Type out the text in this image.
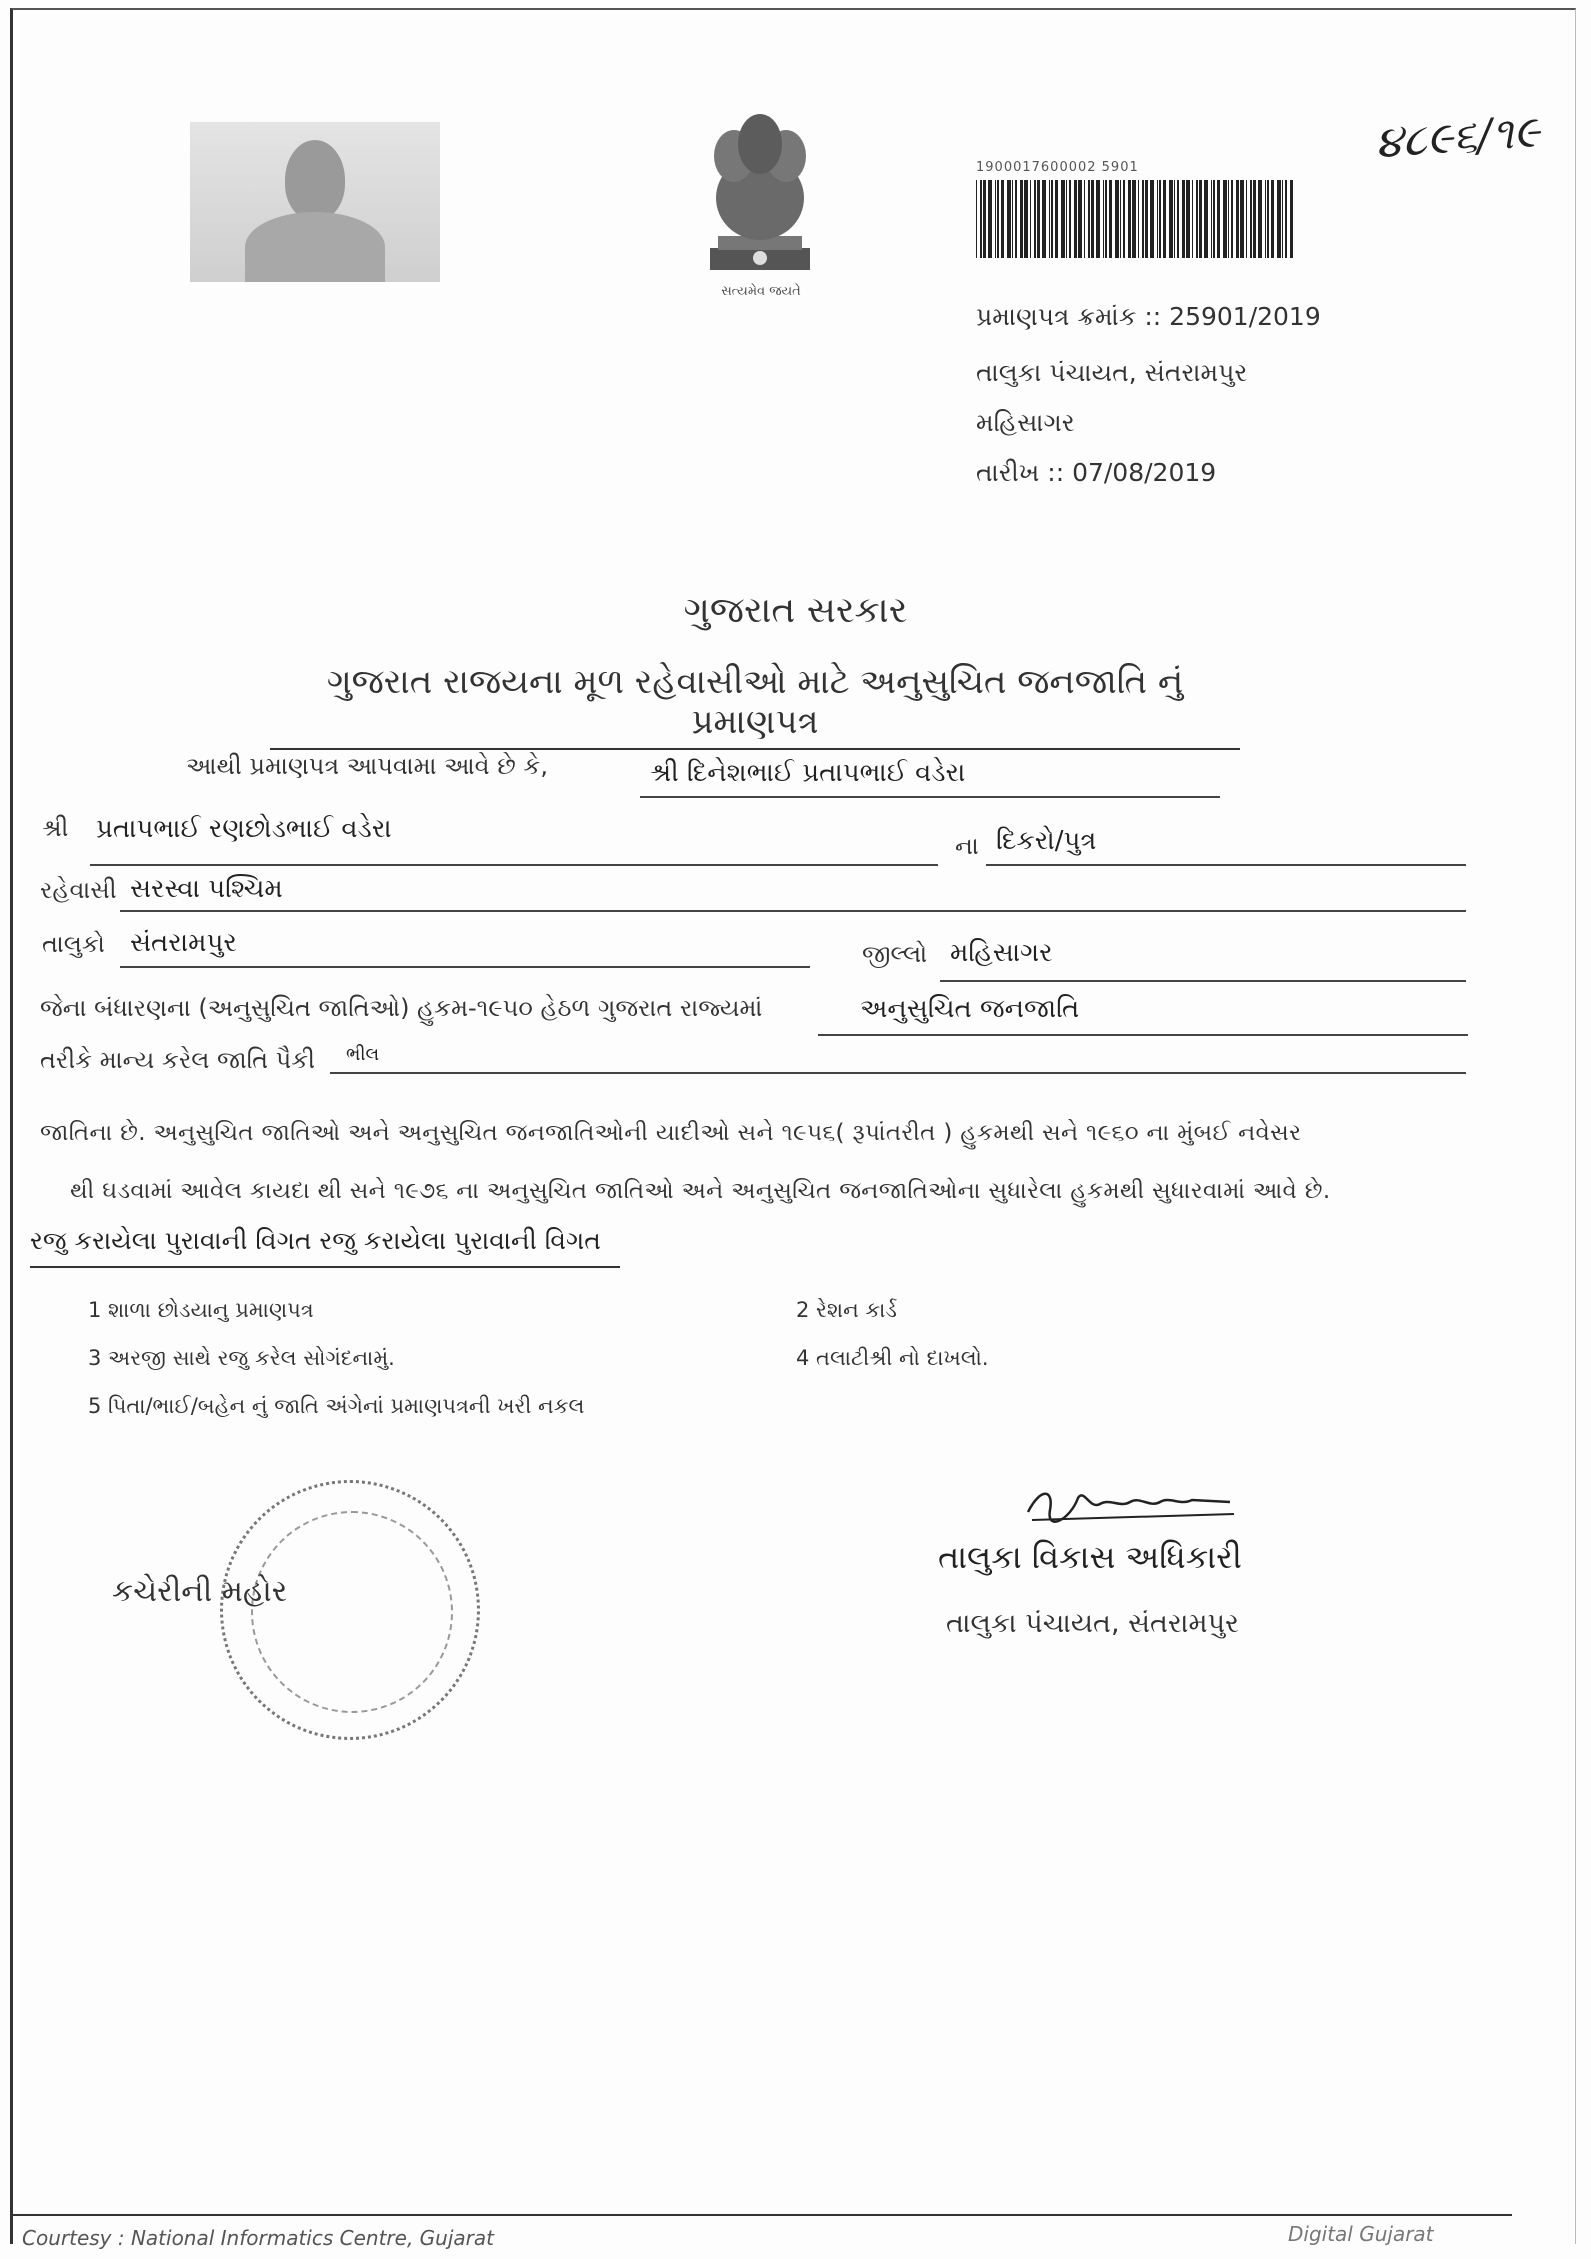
સત્યમેવ જયતે
1900017600002 5901	૪૮૯૬/૧૯
પ્રમાણપત્ર ક્રમાંક :: 25901/2019
તાલુકા પંચાયત, સંતરામપુર
મહિસાગર
તારીખ :: 07/08/2019
ગુજરાત સરકાર
ગુજરાત રાજયના મૂળ રહેવાસીઓ માટે અનુસુચિત જનજાતિ નું પ્રમાણપત્ર
આથી પ્રમાણપત્ર આપવામા આવે છે કે,	શ્રી દિનેશભાઈ પ્રતાપભાઈ વડેરા
શ્રી પ્રતાપભાઈ રણછોડભાઈ વડેરા
ના દિકરો/પુત્ર
રહેવાસી સરસ્વા પશ્ચિમ
તાલુકો સંતરામપુર	જીલ્લો મહિસાગર
જેના બંધારણના (અનુસુચિત જાતિઓ) હુકમ-૧૯૫૦ હેઠળ ગુજરાત રાજ્યમાં	અનુસુચિત જનજાતિ
તરીકે માન્ય કરેલ જાતિ પૈકી ભીલ
જાતિના છે. અનુસુચિત જાતિઓ અને અનુસુચિત જનજાતિઓની યાદીઓ સને ૧૯૫૬( રૂપાંતરીત ) હુકમથી સને ૧૯૬૦ ના મુંબઈ નવેસર
થી ઘડવામાં આવેલ કાયદા થી સને ૧૯૭૬ ના અનુસુચિત જાતિઓ અને અનુસુચિત જનજાતિઓના સુધારેલા હુકમથી સુધારવામાં આવે છે.
રજુ કરાયેલા પુરાવાની વિગત રજુ કરાયેલા પુરાવાની વિગત
1 શાળા છોડયાનુ પ્રમાણપત્ર	2 રેશન કાર્ડ
3 અરજી સાથે રજુ કરેલ સોગંદનામું.	4 તલાટીશ્રી નો દાખલો.
5 પિતા/ભાઈ/બહેન નું જાતિ અંગેનાં પ્રમાણપત્રની ખરી નકલ
કચેરીની મહોર
તાલુકા વિકાસ અધિકારી
તાલુકા પંચાયત, સંતરામપુર
Courtesy : National Informatics Centre, Gujarat	Digital Gujarat
